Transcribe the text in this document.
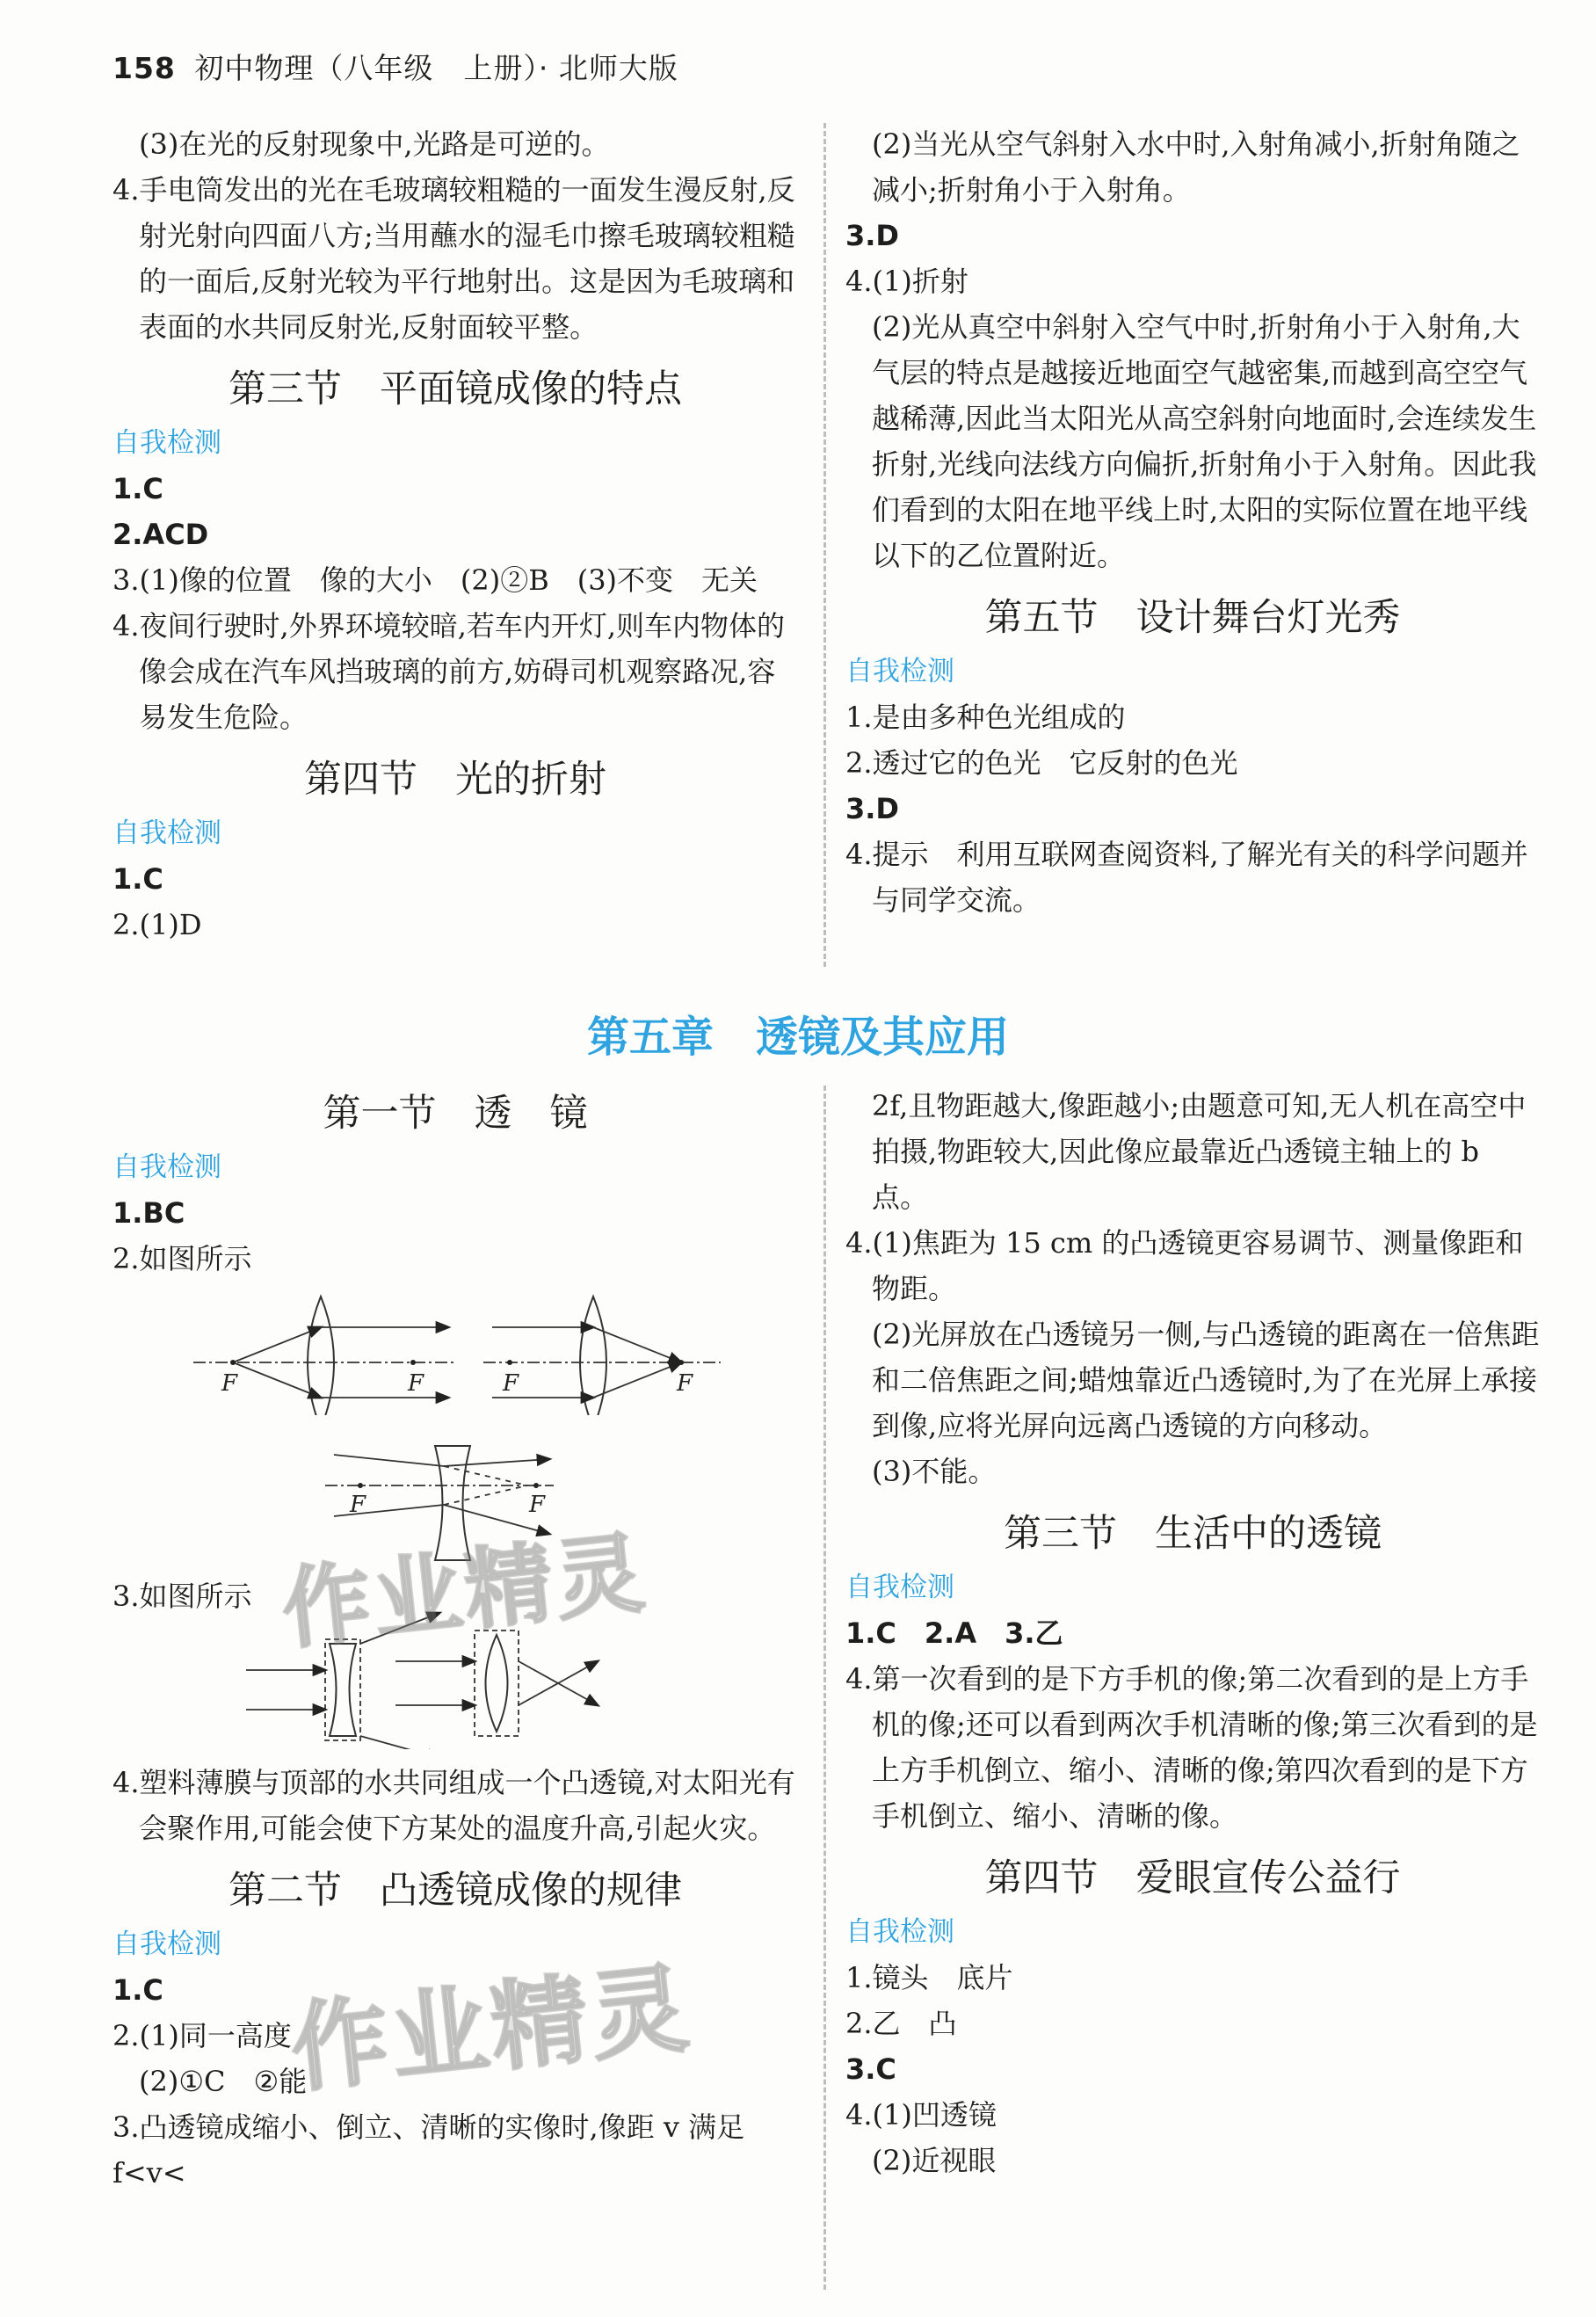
158 初中物理（八年级　上册）· 北师大版

(3)在光的反射现象中,光路是可逆的。

4.手电筒发出的光在毛玻璃较粗糙的一面发生漫反射,反射光射向四面八方;当用蘸水的湿毛巾擦毛玻璃较粗糙的一面后,反射光较为平行地射出。这是因为毛玻璃和表面的水共同反射光,反射面较平整。

第三节　平面镜成像的特点

自我检测

1.C

2.ACD

3.(1)像的位置　像的大小　(2)②B　(3)不变　无关

4.夜间行驶时,外界环境较暗,若车内开灯,则车内物体的像会成在汽车风挡玻璃的前方,妨碍司机观察路况,容易发生危险。

第四节　光的折射

自我检测

1.C

2.(1)D

(2)当光从空气斜射入水中时,入射角减小,折射角随之减小;折射角小于入射角。

3.D

4.(1)折射

(2)光从真空中斜射入空气中时,折射角小于入射角,大气层的特点是越接近地面空气越密集,而越到高空空气越稀薄,因此当太阳光从高空斜射向地面时,会连续发生折射,光线向法线方向偏折,折射角小于入射角。因此我们看到的太阳在地平线上时,太阳的实际位置在地平线以下的乙位置附近。

第五节　设计舞台灯光秀

自我检测

1.是由多种色光组成的

2.透过它的色光　它反射的色光

3.D

4.提示　利用互联网查阅资料,了解光有关的科学问题并与同学交流。

第五章　透镜及其应用

第一节　透　镜

自我检测

1.BC

2.如图所示

F	F	F	F
F	F

3.如图所示

4.塑料薄膜与顶部的水共同组成一个凸透镜,对太阳光有会聚作用,可能会使下方某处的温度升高,引起火灾。

第二节　凸透镜成像的规律

自我检测

1.C

2.(1)同一高度

(2)①C　②能

3.凸透镜成缩小、倒立、清晰的实像时,像距 v 满足 f<v<

2f,且物距越大,像距越小;由题意可知,无人机在高空中拍摄,物距较大,因此像应最靠近凸透镜主轴上的 b 点。

4.(1)焦距为 15 cm 的凸透镜更容易调节、测量像距和物距。

(2)光屏放在凸透镜另一侧,与凸透镜的距离在一倍焦距和二倍焦距之间;蜡烛靠近凸透镜时,为了在光屏上承接到像,应将光屏向远离凸透镜的方向移动。

(3)不能。

第三节　生活中的透镜

自我检测

1.C　2.A　3.乙

4.第一次看到的是下方手机的像;第二次看到的是上方手机的像;还可以看到两次手机清晰的像;第三次看到的是上方手机倒立、缩小、清晰的像;第四次看到的是下方手机倒立、缩小、清晰的像。

第四节　爱眼宣传公益行

自我检测

1.镜头　底片

2.乙　凸

3.C

4.(1)凹透镜

(2)近视眼

作业精灵
作业精灵
